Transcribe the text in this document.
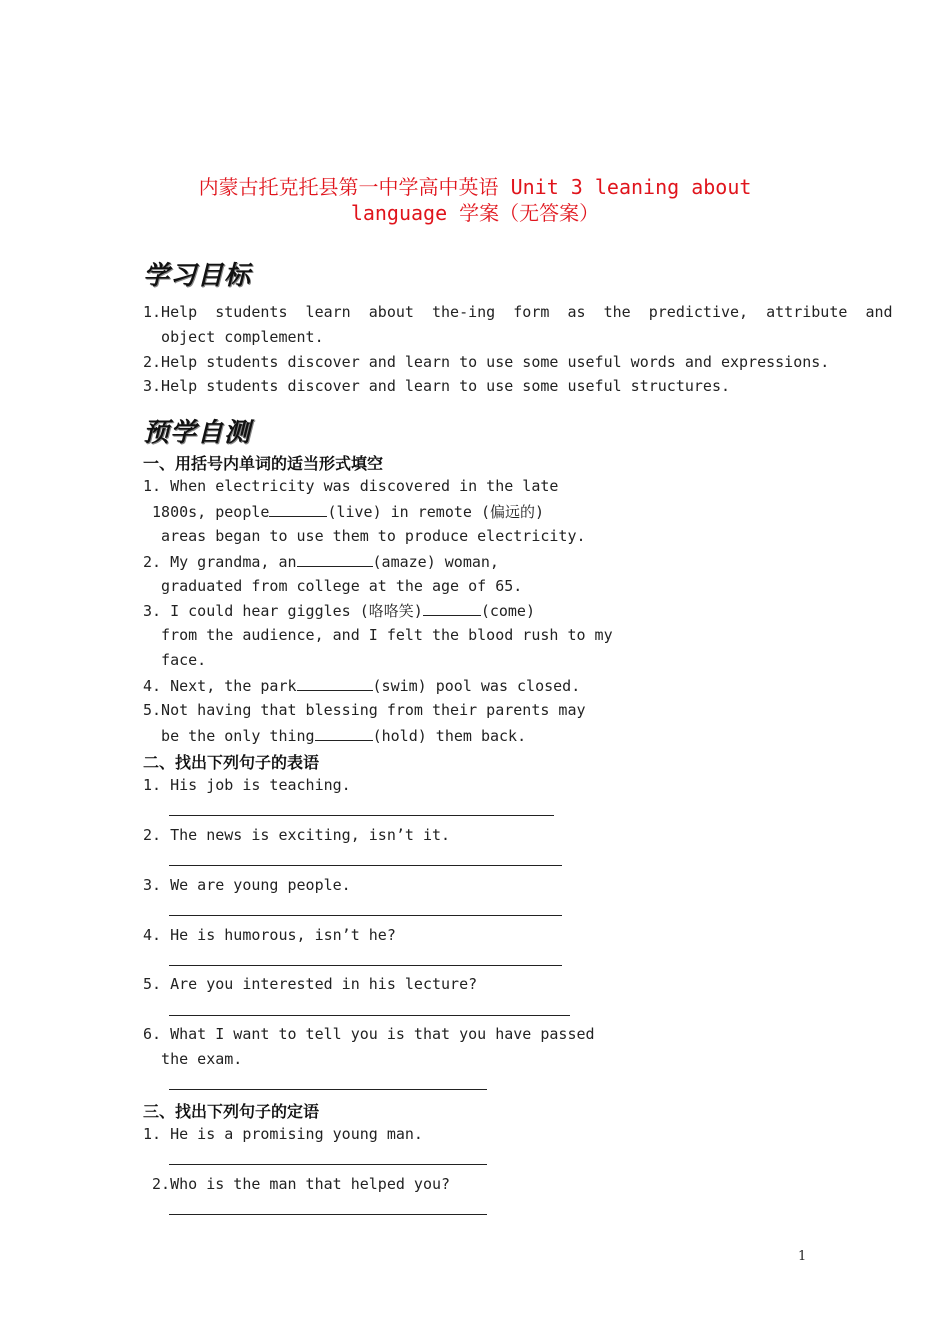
内蒙古托克托县第一中学高中英语 Unit 3 leaning about
language 学案（无答案）
学习目标
1.Help  students  learn  about  the-ing  form  as  the  predictive,  attribute  and
object complement.
2.Help students discover and learn to use some useful words and expressions.
3.Help students discover and learn to use some useful structures.
预学自测
一、用括号内单词的适当形式填空
1. When electricity was discovered in the late
1800s, people	(live) in remote (偏远的)
areas began to use them to produce electricity.
2. My grandma, an	(amaze) woman,
graduated from college at the age of 65.
3. I could hear giggles (咯咯笑)	(come)
from the audience, and I felt the blood rush to my
face.
4. Next, the park	(swim) pool was closed.
5.Not having that blessing from their parents may
be the only thing	(hold) them back.
二、找出下列句子的表语
1. His job is teaching.
2. The news is exciting, isn’t it.
3. We are young people.
4. He is humorous, isn’t he?
5. Are you interested in his lecture?
6. What I want to tell you is that you have passed
the exam.
三、找出下列句子的定语
1. He is a promising young man.
2.Who is the man that helped you?
1
